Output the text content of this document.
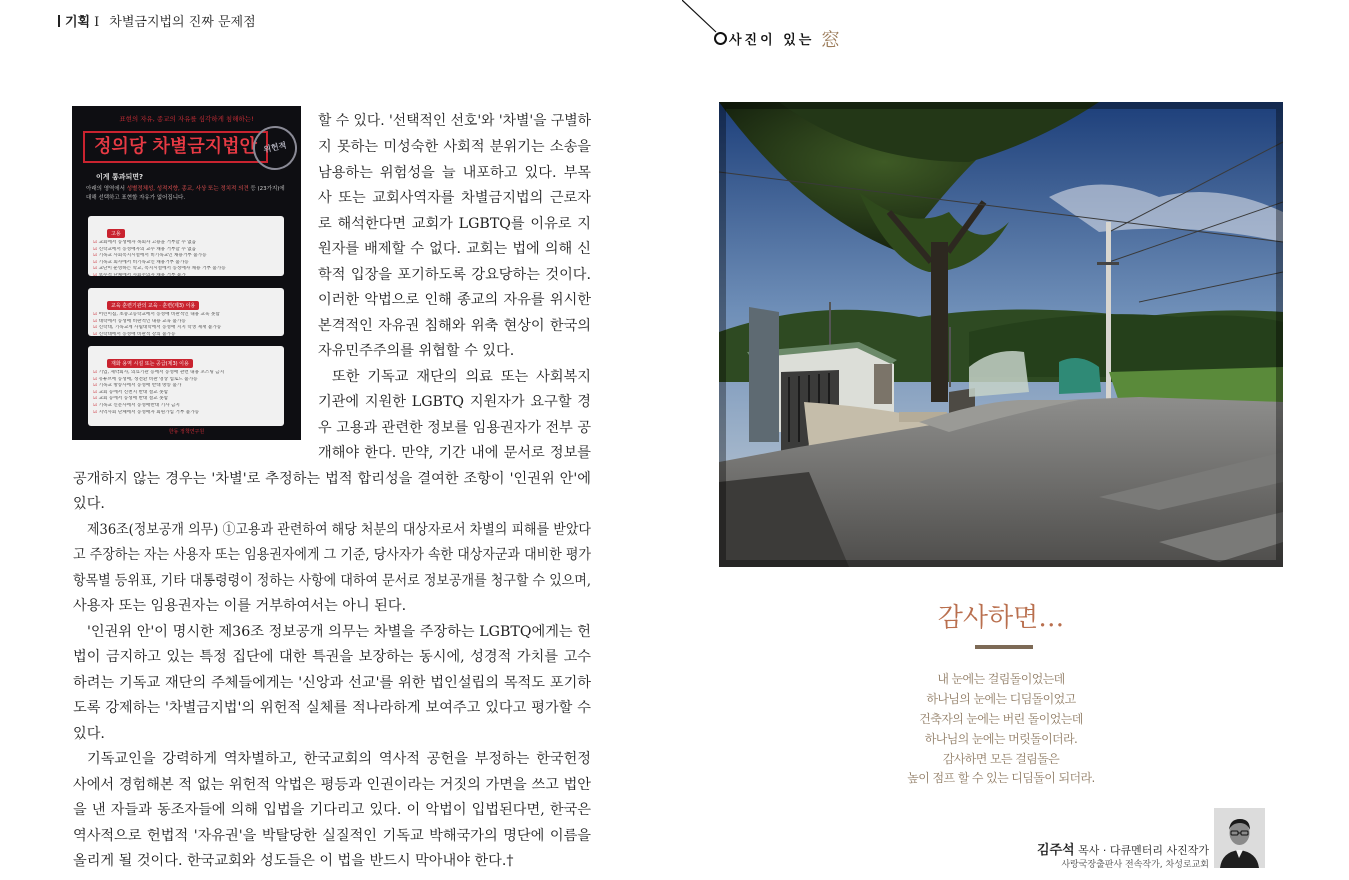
기획 I 차별금지법의 진짜 문제점
사진이 있는 窓
표현의 자유, 종교의 자유를 심각하게 침해하는!
정의당 차별금지법안 위헌적
이게 통과되면?
아래의 영역에서 성별정체성, 성적지향, 종교, 사상 또는 정치적 의견 등 (23가지)에 대해 선택하고 표현할 자유가 없어집니다.
고용
☑ 교회에서 동성애자 목회자 고용을 거부할 수 없음
☑ 신학교에서 동성애자의 교수 채용 거부할 수 없음
☑ 기독교 사회복지시설에서 비기독교인 채용거부 불가능
☑ 기독교 회사에서 비기독교인 채용거부 불가능
☑ 교단이 운영하는 학교, 복지시설에서 동성애자 채용 거부 불가능
☑ 보수적 단체에서 사회주의자 채용 거부 불가
교육 훈련기관의 교육 · 훈련(제3) 이용
☑ 어린이집, 초중고등학교에서 동성애 비판적인 내용 교육 못함
☑ 대학에서 동성애 비판적인 내용 교육 불가능
☑ 신학대, 기독교계 사립대학에서 동성애 지지 학생 제재 불가능
☑ 신학대에서 동성애 비판적 강의 불가능
재화 용역 시설 또는 공급(제3) 이용
☑ 기업, 제약회사, 의료기관 등에서 동성애 관련 내용 포스팅 금지
☑ 유튜브에 동성애, 성전환 비판 영상 업로드 불가능
☑ 기독교 방송사에서 동성애 반대 방송 불가
☑ 교회 등에서 신천지 반대 설교 못함
☑ 교회 등에서 동성애 반대 설교 못함
☑ 기독교 신문사에서 동성애반대 기사 금지
☑ 지역사회 단체에서 동성애자 회원가입 거부 불가능
한동 정책연구원
할 수 있다. '선택적인 선호'와 '차별'을 구별하
지 못하는 미성숙한 사회적 분위기는 소송을
남용하는 위험성을 늘 내포하고 있다. 부목
사 또는 교회사역자를 차별금지법의 근로자
로 해석한다면 교회가 LGBTQ를 이유로 지
원자를 배제할 수 없다. 교회는 법에 의해 신
학적 입장을 포기하도록 강요당하는 것이다.
이러한 악법으로 인해 종교의 자유를 위시한
본격적인 자유권 침해와 위축 현상이 한국의
자유민주주의를 위협할 수 있다.
또한 기독교 재단의 의료 또는 사회복지
기관에 지원한 LGBTQ 지원자가 요구할 경
우 고용과 관련한 정보를 임용권자가 전부 공
개해야 한다. 만약, 기간 내에 문서로 정보를
공개하지 않는 경우는 '차별'로 추정하는 법적 합리성을 결여한 조항이 '인권위 안'에
있다.
제36조(정보공개 의무) ①고용과 관련하여 해당 처분의 대상자로서 차별의 피해를 받았다
고 주장하는 자는 사용자 또는 임용권자에게 그 기준, 당사자가 속한 대상자군과 대비한 평가
항목별 등위표, 기타 대통령령이 정하는 사항에 대하여 문서로 정보공개를 청구할 수 있으며,
사용자 또는 임용권자는 이를 거부하여서는 아니 된다.
'인권위 안'이 명시한 제36조 정보공개 의무는 차별을 주장하는 LGBTQ에게는 헌
법이 금지하고 있는 특정 집단에 대한 특권을 보장하는 동시에, 성경적 가치를 고수
하려는 기독교 재단의 주체들에게는 '신앙과 선교'를 위한 법인설립의 목적도 포기하
도록 강제하는 '차별금지법'의 위헌적 실체를 적나라하게 보여주고 있다고 평가할 수
있다.
기독교인을 강력하게 역차별하고, 한국교회의 역사적 공헌을 부정하는 한국헌정
사에서 경험해본 적 없는 위헌적 악법은 평등과 인권이라는 거짓의 가면을 쓰고 법안
을 낸 자들과 동조자들에 의해 입법을 기다리고 있다. 이 악법이 입법된다면, 한국은
역사적으로 헌법적 '자유권'을 박탈당한 실질적인 기독교 박해국가의 명단에 이름을
올리게 될 것이다. 한국교회와 성도들은 이 법을 반드시 막아내야 한다.†
감사하면…
내 눈에는 걸림돌이었는데
하나님의 눈에는 디딤돌이었고
건축자의 눈에는 버린 돌이었는데
하나님의 눈에는 머릿돌이더라.
감사하면 모든 걸림돌은
높이 점프 할 수 있는 디딤돌이 되더라.
김주석 목사 · 다큐멘터리 사진작가
사랑국장출판사 전속작가, 차성로교회
